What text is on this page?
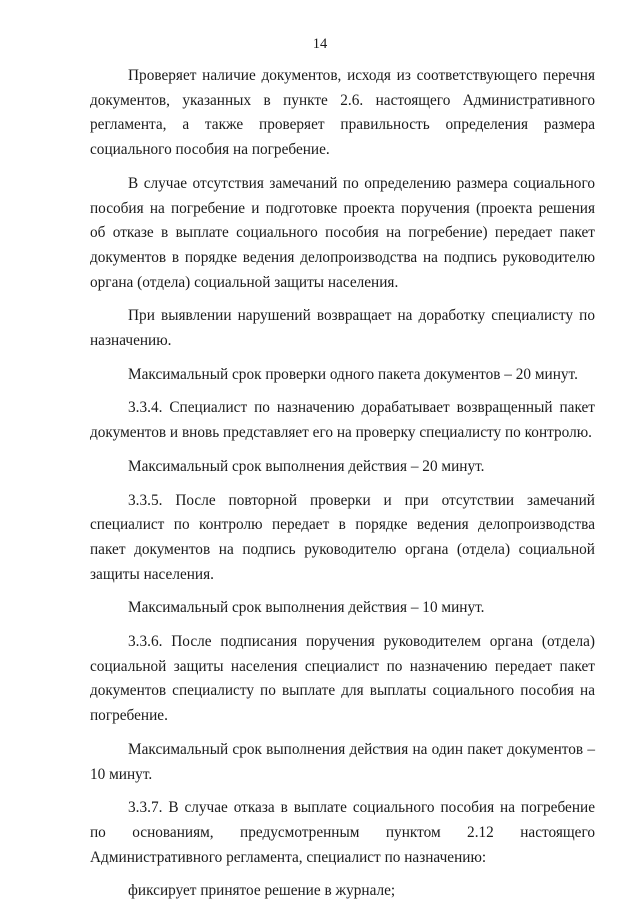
14

Проверяет наличие документов, исходя из соответствующего перечня документов, указанных в пункте 2.6. настоящего Административного регламента, а также проверяет правильность определения размера социального пособия на погребение.

В случае отсутствия замечаний по определению размера социального пособия на погребение и подготовке проекта поручения (проекта решения об отказе в выплате социального пособия на погребение) передает пакет документов в порядке ведения делопроизводства на подпись руководителю органа (отдела) социальной защиты населения.

При выявлении нарушений возвращает на доработку специалисту по назначению.

Максимальный срок проверки одного пакета документов – 20 минут.

3.3.4. Специалист по назначению дорабатывает возвращенный пакет документов и вновь представляет его на проверку специалисту по контролю.

Максимальный срок выполнения действия – 20 минут.

3.3.5. После повторной проверки и при отсутствии замечаний специалист по контролю передает в порядке ведения делопроизводства пакет документов на подпись руководителю органа (отдела) социальной защиты населения.

Максимальный срок выполнения действия – 10 минут.

3.3.6. После подписания поручения руководителем органа (отдела) социальной защиты населения специалист по назначению передает пакет документов специалисту по выплате для выплаты социального пособия на погребение.

Максимальный срок выполнения действия на один пакет документов – 10 минут.

3.3.7. В случае отказа в выплате социального пособия на погребение по основаниям, предусмотренным пунктом 2.12 настоящего Административного регламента, специалист по назначению:

фиксирует принятое решение в журнале;
